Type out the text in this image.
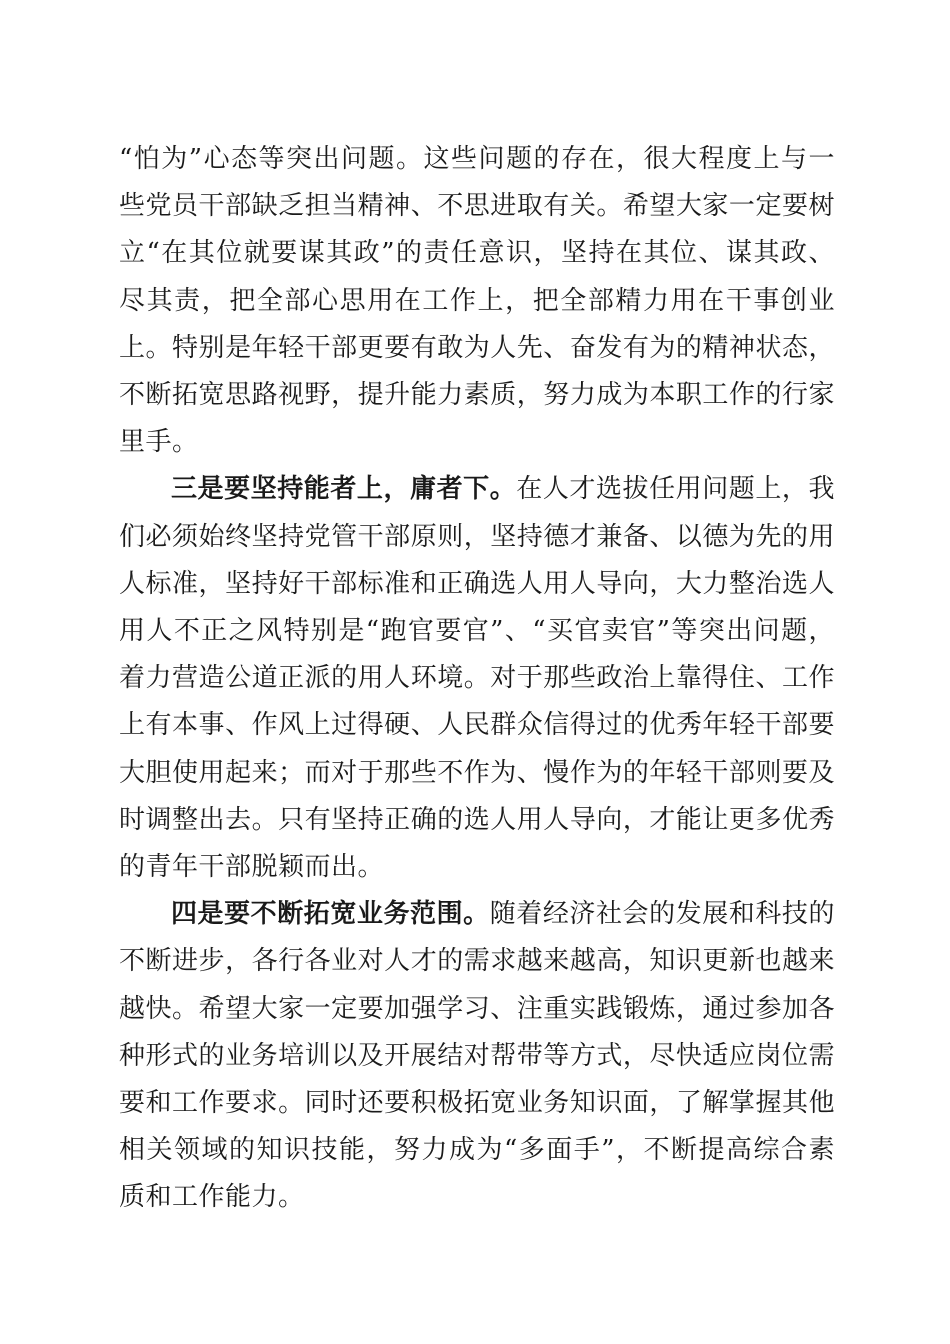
“怕为”心态等突出问题。这些问题的存在，很大程度上与一些党员干部缺乏担当精神、不思进取有关。希望大家一定要树立“在其位就要谋其政”的责任意识，坚持在其位、谋其政、尽其责，把全部心思用在工作上，把全部精力用在干事创业上。特别是年轻干部更要有敢为人先、奋发有为的精神状态，不断拓宽思路视野，提升能力素质，努力成为本职工作的行家里手。

三是要坚持能者上，庸者下。在人才选拔任用问题上，我们必须始终坚持党管干部原则，坚持德才兼备、以德为先的用人标准，坚持好干部标准和正确选人用人导向，大力整治选人用人不正之风特别是“跑官要官”、“买官卖官”等突出问题，着力营造公道正派的用人环境。对于那些政治上靠得住、工作上有本事、作风上过得硬、人民群众信得过的优秀年轻干部要大胆使用起来；而对于那些不作为、慢作为的年轻干部则要及时调整出去。只有坚持正确的选人用人导向，才能让更多优秀的青年干部脱颖而出。

四是要不断拓宽业务范围。随着经济社会的发展和科技的不断进步，各行各业对人才的需求越来越高，知识更新也越来越快。希望大家一定要加强学习、注重实践锻炼，通过参加各种形式的业务培训以及开展结对帮带等方式，尽快适应岗位需要和工作要求。同时还要积极拓宽业务知识面，了解掌握其他相关领域的知识技能，努力成为“多面手”，不断提高综合素质和工作能力。
